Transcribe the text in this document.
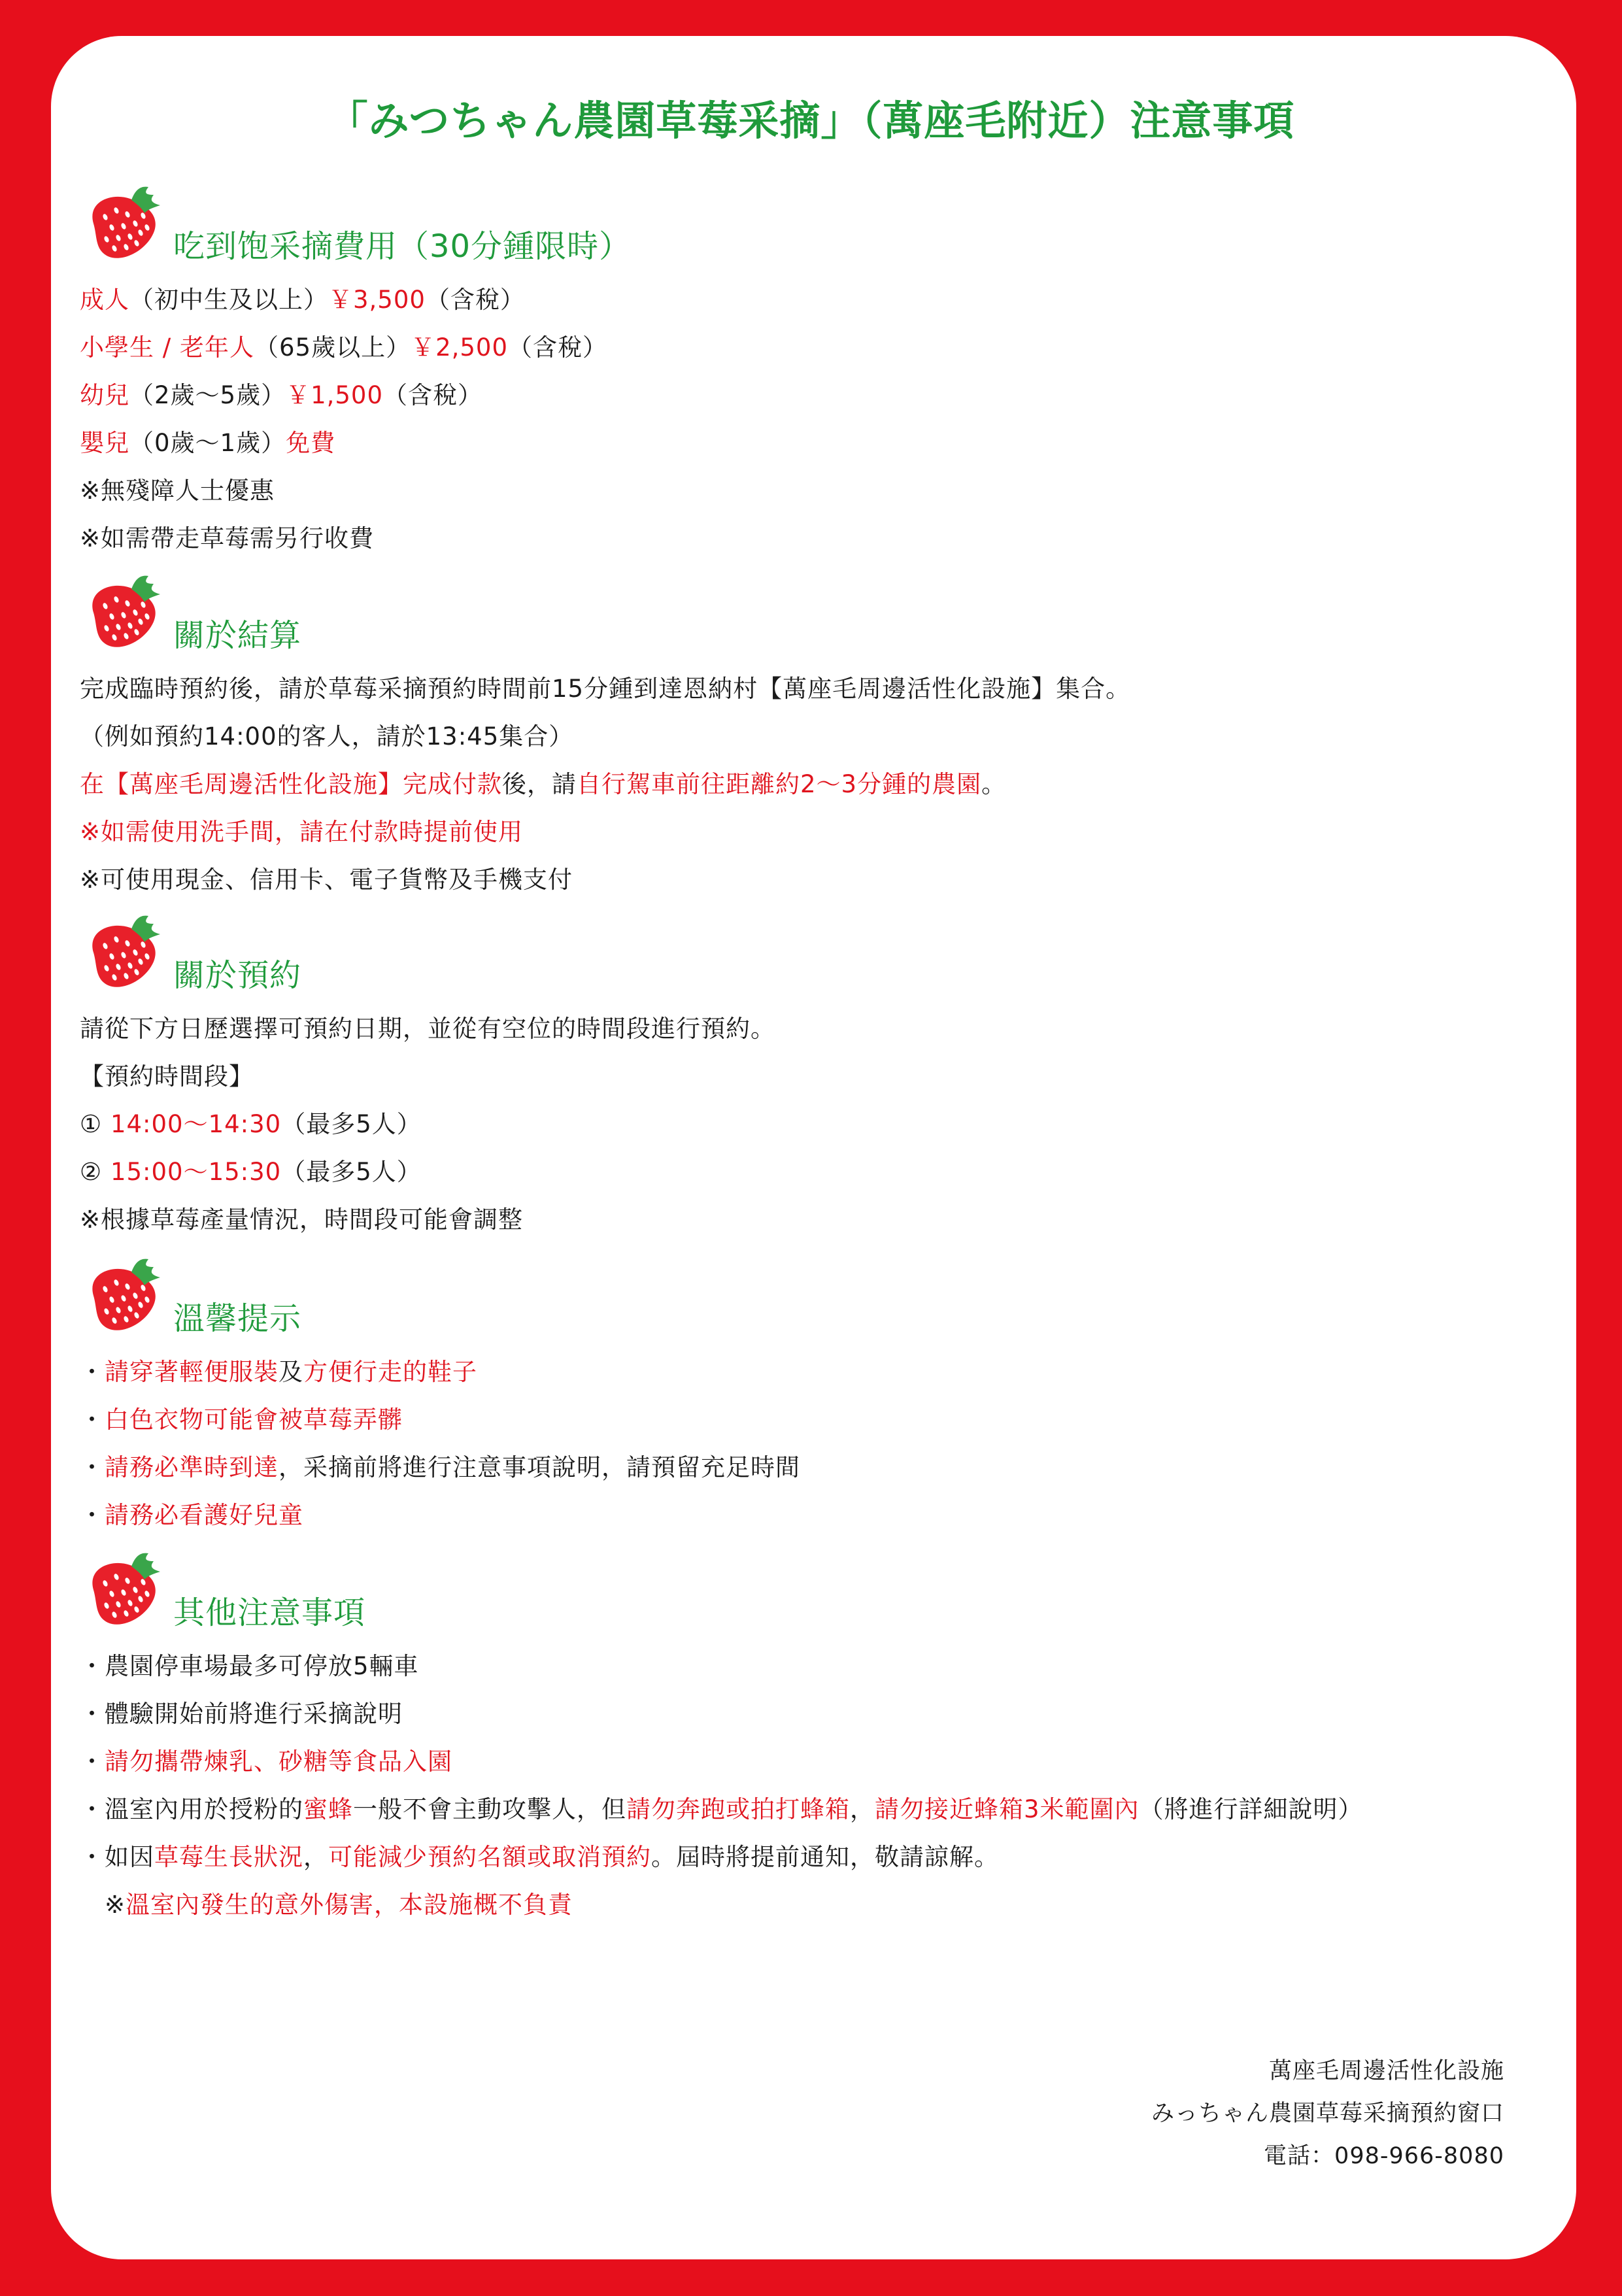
「みつちゃん農園草莓采摘」（萬座毛附近）注意事項
吃到饱采摘費用（30分鍾限時）
成人（初中生及以上）￥3,500（含稅）
小學生 / 老年人（65歲以上）￥2,500（含稅）
幼兒（2歲～5歲）￥1,500（含稅）
嬰兒（0歲～1歲）免費
※無殘障人士優惠
※如需帶走草莓需另行收費
關於結算
完成臨時預約後，請於草莓采摘預約時間前15分鍾到達恩納村【萬座毛周邊活性化設施】集合。
（例如預約14:00的客人，請於13:45集合）
在【萬座毛周邊活性化設施】完成付款後，請自行駕車前往距離約2～3分鍾的農園。
※如需使用洗手間，請在付款時提前使用
※可使用現金、信用卡、電子貨幣及手機支付
關於預約
請從下方日歷選擇可預約日期，並從有空位的時間段進行預約。
【預約時間段】
① 14:00～14:30（最多5人）
② 15:00～15:30（最多5人）
※根據草莓產量情況，時間段可能會調整
溫馨提示
・請穿著輕便服裝及方便行走的鞋子
・白色衣物可能會被草莓弄髒
・請務必準時到達，采摘前將進行注意事項說明，請預留充足時間
・請務必看護好兒童
其他注意事項
・農園停車場最多可停放5輛車
・體驗開始前將進行采摘說明
・請勿攜帶煉乳、砂糖等食品入園
・溫室內用於授粉的蜜蜂一般不會主動攻擊人，但請勿奔跑或拍打蜂箱，請勿接近蜂箱3米範圍內（將進行詳細說明）
・如因草莓生長狀況，可能減少預約名額或取消預約。屆時將提前通知，敬請諒解。
　※溫室內發生的意外傷害，本設施概不負責
萬座毛周邊活性化設施
みっちゃん農園草莓采摘預約窗口
電話：098-966-8080
